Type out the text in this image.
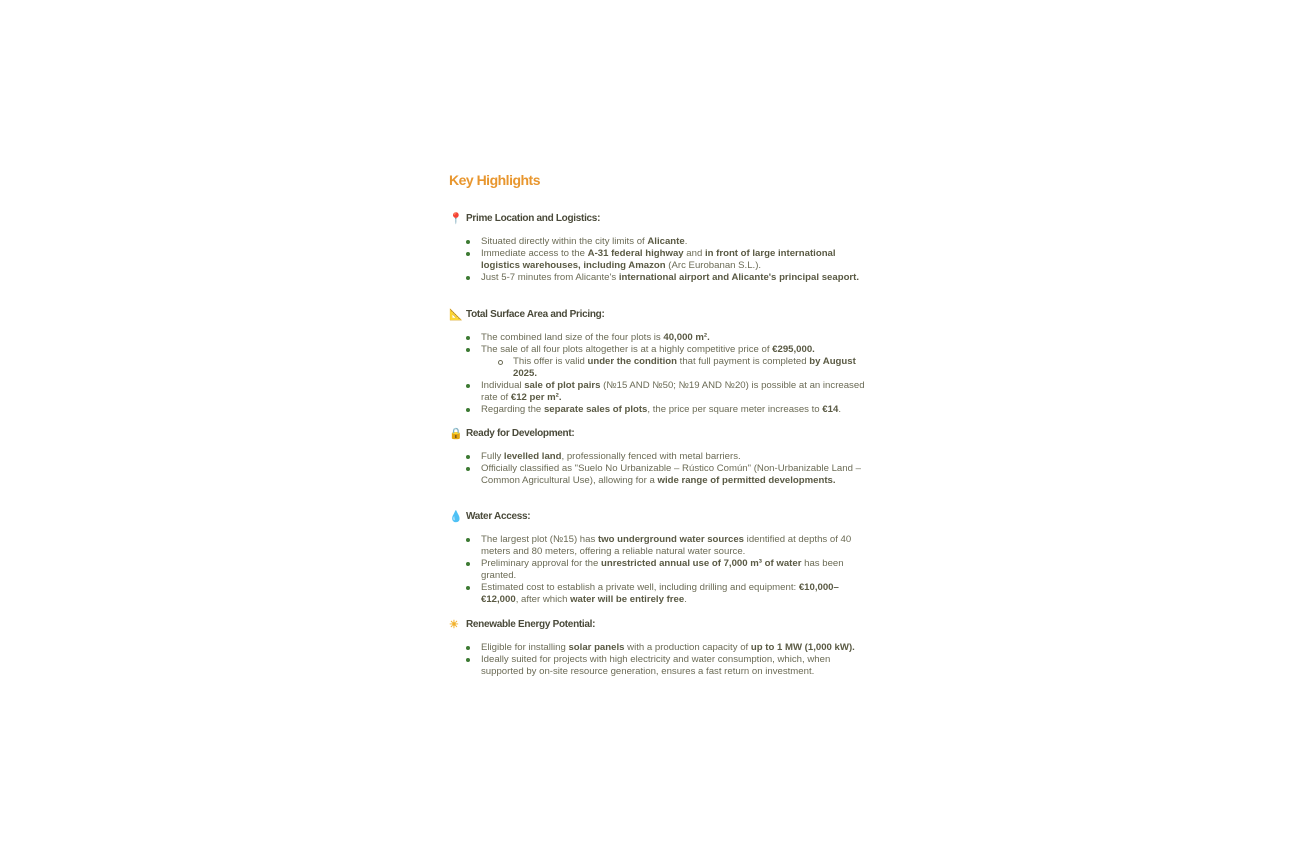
Key Highlights
📍 Prime Location and Logistics:
Situated directly within the city limits of Alicante.
Immediate access to the A-31 federal highway and in front of large international logistics warehouses, including Amazon (Arc Eurobanan S.L.).
Just 5-7 minutes from Alicante's international airport and Alicante's principal seaport.
📐 Total Surface Area and Pricing:
The combined land size of the four plots is 40,000 m².
The sale of all four plots altogether is at a highly competitive price of €295,000.
This offer is valid under the condition that full payment is completed by August 2025.
Individual sale of plot pairs (№15 AND №50; №19 AND №20) is possible at an increased rate of €12 per m².
Regarding the separate sales of plots, the price per square meter increases to €14.
🔒 Ready for Development:
Fully levelled land, professionally fenced with metal barriers.
Officially classified as "Suelo No Urbanizable – Rústico Común" (Non-Urbanizable Land – Common Agricultural Use), allowing for a wide range of permitted developments.
💧 Water Access:
The largest plot (№15) has two underground water sources identified at depths of 40 meters and 80 meters, offering a reliable natural water source.
Preliminary approval for the unrestricted annual use of 7,000 m³ of water has been granted.
Estimated cost to establish a private well, including drilling and equipment: €10,000–€12,000, after which water will be entirely free.
☀ Renewable Energy Potential:
Eligible for installing solar panels with a production capacity of up to 1 MW (1,000 kW).
Ideally suited for projects with high electricity and water consumption, which, when supported by on-site resource generation, ensures a fast return on investment.
